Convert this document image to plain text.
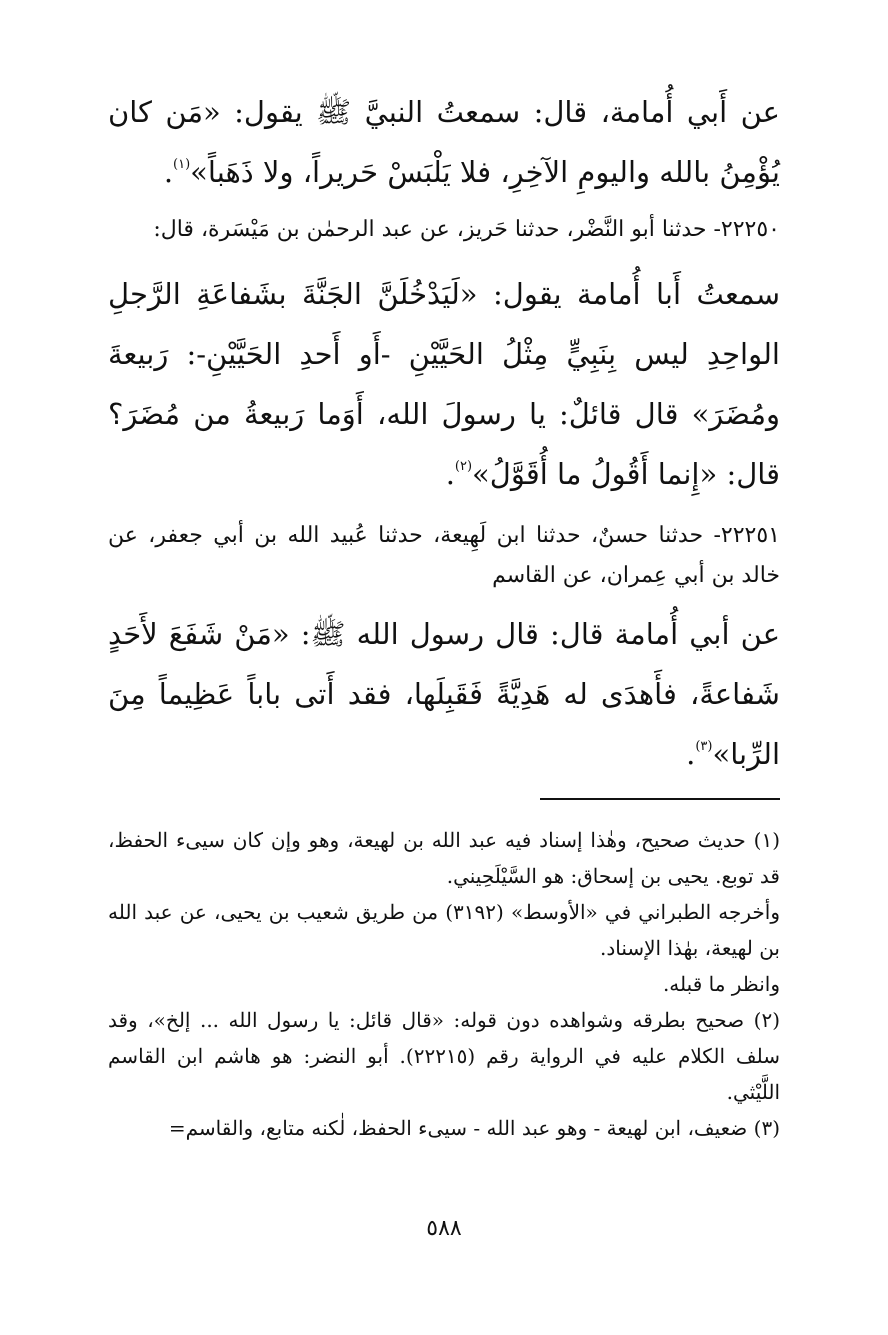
عن أَبي أُمامة، قال: سمعتُ النبيَّ ﷺ يقول: «مَن كان يُؤْمِنُ بالله واليومِ الآخِرِ، فلا يَلْبَسْ حَريراً، ولا ذَهَباً»$^{(١)}$.

٢٢٢٥٠- حدثنا أبو النَّضْر، حدثنا حَريز، عن عبد الرحمٰن بن مَيْسَرة، قال:

سمعتُ أَبا أُمامة يقول: «لَيَدْخُلَنَّ الجَنَّةَ بشَفاعَةِ الرَّجلِ الواحِدِ ليس بِنَبِيٍّ مِثْلُ الحَيَّيْنِ -أَو أَحدِ الحَيَّيْنِ-: رَبيعةَ ومُضَرَ» قال قائلٌ: يا رسولَ الله، أَوَما رَبيعةُ من مُضَرَ؟ قال: «إِنما أَقُولُ ما أُقَوَّلُ»$^{(٢)}$.

٢٢٢٥١- حدثنا حسنٌ، حدثنا ابن لَهِيعة، حدثنا عُبيد الله بن أبي جعفر، عن خالد بن أبي عِمران، عن القاسم

عن أبي أُمامة قال: قال رسول الله ﷺ: «مَنْ شَفَعَ لأَحَدٍ شَفاعةً، فأَهدَى له هَدِيَّةً فَقَبِلَها، فقد أَتى باباً عَظِيماً مِنَ الرِّبا»$^{(٣)}$.

(١) حديث صحيح، وهٰذا إسناد فيه عبد الله بن لهيعة، وهو وإن كان سيىء الحفظ، قد توبع. يحيى بن إسحاق: هو السَّيْلَحِيني.

وأخرجه الطبراني في «الأوسط» (٣١٩٢) من طريق شعيب بن يحيى، عن عبد الله بن لهيعة، بهٰذا الإسناد.

وانظر ما قبله.

(٢) صحيح بطرقه وشواهده دون قوله: «قال قائل: يا رسول الله ... إلخ»، وقد سلف الكلام عليه في الرواية رقم (٢٢٢١٥). أبو النضر: هو هاشم ابن القاسم اللَّيْثي.

(٣) ضعيف، ابن لهيعة - وهو عبد الله - سيىء الحفظ، لٰكنه متابع، والقاسم=

٥٨٨
